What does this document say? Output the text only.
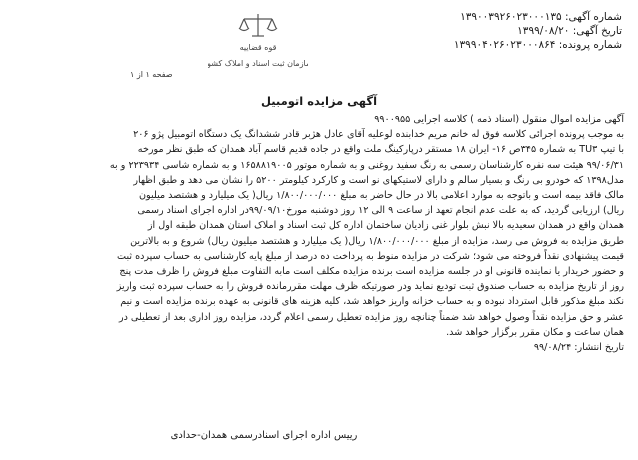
شماره آگهی: ۱۳۹۰۰۳۹۲۶۰۲۳۰۰۰۱۳۵
تاریخ آگهی: ۱۳۹۹/۰۸/۲۰
شماره پرونده: ۱۳۹۹۰۴۰۲۶۰۲۳۰۰۰۸۶۴
قوه قضاییه
سازمان ثبت اسناد و املاک کشور
صفحه ۱ از ۱
آگهی مزایده اتومبیل

آگهی مزایده اموال منقول (اسناد ذمه ) کلاسه اجرایی ۹۹۰۰۹۵۵

به موجب پرونده اجرائی کلاسه فوق له خانم مریم خدابنده لوعلیه آقای عادل هژبر قادر ششدانگ یک دستگاه اتومبیل پژو ۲۰۶

با تیپ TU۳ به شماره ۳۴۵ص ۱۶- ایران ۱۸ مستقر درپارکینگ ملت واقع در جاده قدیم قاسم آباد همدان که طبق نظر مورخه

۹۹/۰۶/۳۱ هیئت سه نفره کارشناسان رسمی به رنگ سفید روغنی و به شماره موتور ۱۶۵۸۸۱۹۰۰۵ و به شماره شاسی ۲۲۳۹۳۴ و به

مدل۱۳۹۸ که خودرو بی رنگ و بسیار سالم و دارای لاستیکهای نو است و کارکرد کیلومتر ۵۲۰۰ را نشان می دهد و طبق اظهار

مالک فاقد بیمه است و باتوجه به موارد اعلامی بالا در حال حاضر به مبلغ ۱/۸۰۰/۰۰۰/۰۰۰ ریال( یک میلیارد و هشتصد میلیون

ریال) ارزیابی گردید، که به علت عدم انجام تعهد از ساعت ۹ الی ۱۲ روز دوشنبه مورخ۹۹/۰۹/۱۰در اداره اجرای اسناد رسمی

همدان واقع در همدان سعیدیه بالا نبش بلوار غنی زادیان ساختمان اداره کل ثبت اسناد و املاک استان همدان طبقه اول از

طریق مزایده به فروش می رسد، مزایده از مبلغ ۱/۸۰۰/۰۰۰/۰۰۰ ریال( یک میلیارد و هشتصد میلیون ریال) شروع و به بالاترین

قیمت پیشنهادی نقداً فروخته می شود؛ شرکت در مزایده منوط به پرداخت ده درصد از مبلغ پایه کارشناسی به حساب سپرده ثبت

و حضور خریدار یا نماینده قانونی او در جلسه مزایده است برنده مزایده مکلف است مابه التفاوت مبلغ فروش را ظرف مدت پنج

روز از تاریخ مزایده به حساب صندوق ثبت تودیع نماید ودر صورتیکه ظرف مهلت مقررمانده فروش را به حساب سپرده ثبت واریز

نکند مبلغ مذکور قابل استرداد نبوده و به حساب خزانه واریز خواهد شد، کلیه هزینه های قانونی به عهده برنده مزایده است و نیم

عشر و حق مزایده نقداً وصول خواهد شد ضمناً چنانچه روز مزایده تعطیل رسمی اعلام گردد، مزایده روز اداری بعد از تعطیلی در

همان ساعت و مکان مقرر برگزار خواهد شد.

تاریخ انتشار: ۹۹/۰۸/۲۴

رییس اداره اجرای اسنادرسمی همدان-حدادی
